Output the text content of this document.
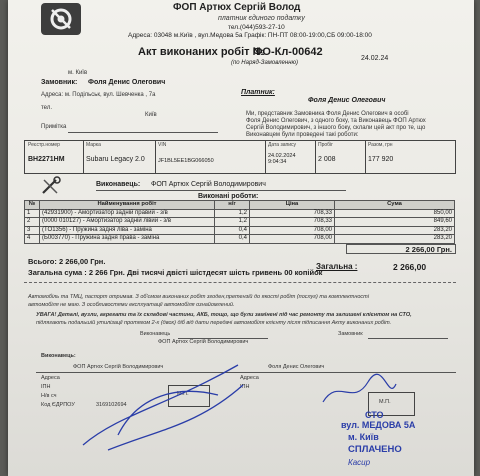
ФОП Артюх Сергій Волод
платник єдиного податку
тел.(044)593-27-10
Адреса: 03048 м.Київ , вул.Медова 5а Графік: ПН-ПТ 08:00-19:00,СБ 09:00-18:00
Акт виконаних робіт №
ФО-Кл-00642
24.02.24
(по Наряд-Замовленню)
м. Київ
Замовник: Фоля Денис Олегович
Адреса: м. Подільськ, вул. Шевченка , 7а
тел.
Київ
Примітка
Платник:
Фоля Денис Олегович
Ми, представник Замовника Фоля Денис Олегович в особі
Фоля Денис Олегович, з одного боку, та Виконавець ФОП Артюх
Сергій Володимирович, з іншого боку, склали цей акт про те, що
Виконавцем були проведені такі роботи:
Реєстр.номер
BH2271HM
Марка
Subaru Legacy 2.0
VIN
JF1BL5EE1BG066050
Дата запису
24.02.2024 9:04:34
Пробіг
2 008
Разом, грн
177 920
Виконавець: ФОП Артюх Сергій Володимирович
Виконані роботи:
№	Найменування робіт	н/г	Ціна	Сума
1	(42931900) - Амортизатор задній правий - з/в	1,2	708,33	850,00
2	(0000 010127) - Амортизатор задній лівий - з/в	1,2	708,33	849,60
3	(TO1356) - Пружина задня ліва - заміна	0,4	708,00	283,20
4	(Ь003770) - Пружина задня права - заміна	0,4	708,00	283,20
2 266,00 Грн.
Всього: 2 266,00 Грн.
Загальна сума : 2 266 Грн. Дві тисячі двісті шістдесят шість гривень 00 копійок
Загальна :	2 266,00
Автомобіль та ТМЦ, паспорт отримав. З об'ємом виконаних робіт згоден,претензій до якості робіт (послуг) та комплектності
автомобіля не маю. З особливостями експлуатації автомобіля ознайомлений.
УВАГА! Деталі, вузли, агрегати та їх складові частини, АКБ, тощо, що були замінені під час ремонту та залишені клієнтом на СТО,
підлягають подальшій утилізації протягом 2-х (двох) діб від дати передачі автомобіля клієнту після підписання Акту виконаних робіт.
Виконавець
ФОП Артюх Сергій Володимирович
Замовник
Виконавець:
ФОП Артюх Сергій Володимирович	Фоля Денис Олегович
Адреса
ІПН
Н/в сч
Код ЄДРПОУ	3169102694
Адреса
ІПН
М.П.
М.П.
СТО
вул. МЕДОВА 5А
м. Київ
СПЛАЧЕНО
Касир
